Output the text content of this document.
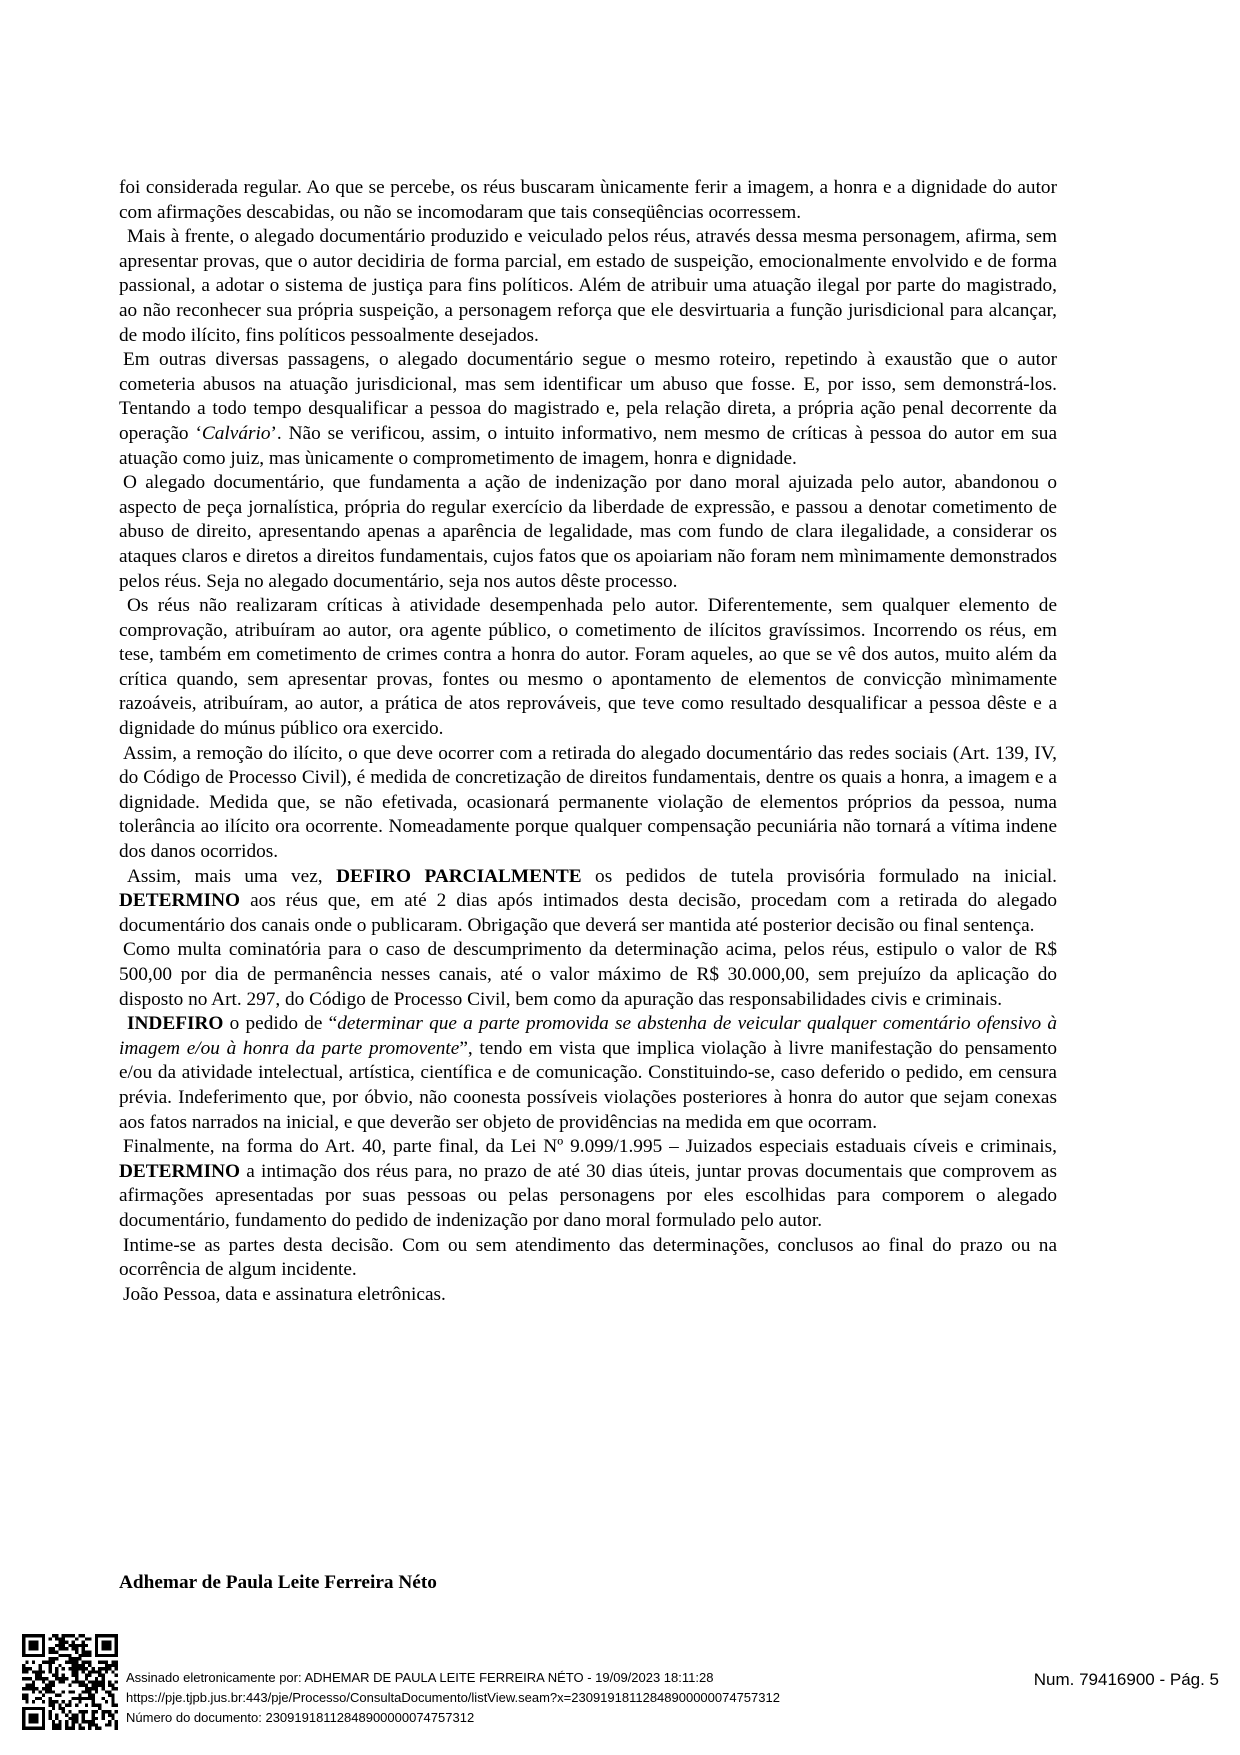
foi considerada regular. Ao que se percebe, os réus buscaram ùnicamente ferir a imagem, a honra e a dignidade do autor com afirmações descabidas, ou não se incomodaram que tais conseqüências ocorressem.

Mais à frente, o alegado documentário produzido e veiculado pelos réus, através dessa mesma personagem, afirma, sem apresentar provas, que o autor decidiria de forma parcial, em estado de suspeição, emocionalmente envolvido e de forma passional, a adotar o sistema de justiça para fins políticos. Além de atribuir uma atuação ilegal por parte do magistrado, ao não reconhecer sua própria suspeição, a personagem reforça que ele desvirtuaria a função jurisdicional para alcançar, de modo ilícito, fins políticos pessoalmente desejados.

Em outras diversas passagens, o alegado documentário segue o mesmo roteiro, repetindo à exaustão que o autor cometeria abusos na atuação jurisdicional, mas sem identificar um abuso que fosse. E, por isso, sem demonstrá-los. Tentando a todo tempo desqualificar a pessoa do magistrado e, pela relação direta, a própria ação penal decorrente da operação ‘Calvário’. Não se verificou, assim, o intuito informativo, nem mesmo de críticas à pessoa do autor em sua atuação como juiz, mas ùnicamente o comprometimento de imagem, honra e dignidade.

O alegado documentário, que fundamenta a ação de indenização por dano moral ajuizada pelo autor, abandonou o aspecto de peça jornalística, própria do regular exercício da liberdade de expressão, e passou a denotar cometimento de abuso de direito, apresentando apenas a aparência de legalidade, mas com fundo de clara ilegalidade, a considerar os ataques claros e diretos a direitos fundamentais, cujos fatos que os apoiariam não foram nem mìnimamente demonstrados pelos réus. Seja no alegado documentário, seja nos autos dêste processo.

Os réus não realizaram críticas à atividade desempenhada pelo autor. Diferentemente, sem qualquer elemento de comprovação, atribuíram ao autor, ora agente público, o cometimento de ilícitos gravíssimos. Incorrendo os réus, em tese, também em cometimento de crimes contra a honra do autor. Foram aqueles, ao que se vê dos autos, muito além da crítica quando, sem apresentar provas, fontes ou mesmo o apontamento de elementos de convicção mìnimamente razoáveis, atribuíram, ao autor, a prática de atos reprováveis, que teve como resultado desqualificar a pessoa dêste e a dignidade do múnus público ora exercido.

Assim, a remoção do ilícito, o que deve ocorrer com a retirada do alegado documentário das redes sociais (Art. 139, IV, do Código de Processo Civil), é medida de concretização de direitos fundamentais, dentre os quais a honra, a imagem e a dignidade. Medida que, se não efetivada, ocasionará permanente violação de elementos próprios da pessoa, numa tolerância ao ilícito ora ocorrente. Nomeadamente porque qualquer compensação pecuniária não tornará a vítima indene dos danos ocorridos.

Assim, mais uma vez, DEFIRO PARCIALMENTE os pedidos de tutela provisória formulado na inicial. DETERMINO aos réus que, em até 2 dias após intimados desta decisão, procedam com a retirada do alegado documentário dos canais onde o publicaram. Obrigação que deverá ser mantida até posterior decisão ou final sentença.

Como multa cominatória para o caso de descumprimento da determinação acima, pelos réus, estipulo o valor de R$ 500,00 por dia de permanência nesses canais, até o valor máximo de R$ 30.000,00, sem prejuízo da aplicação do disposto no Art. 297, do Código de Processo Civil, bem como da apuração das responsabilidades civis e criminais.

INDEFIRO o pedido de “determinar que a parte promovida se abstenha de veicular qualquer comentário ofensivo à imagem e/ou à honra da parte promovente”, tendo em vista que implica violação à livre manifestação do pensamento e/ou da atividade intelectual, artística, científica e de comunicação. Constituindo-se, caso deferido o pedido, em censura prévia. Indeferimento que, por óbvio, não coonesta possíveis violações posteriores à honra do autor que sejam conexas aos fatos narrados na inicial, e que deverão ser objeto de providências na medida em que ocorram.

Finalmente, na forma do Art. 40, parte final, da Lei Nº 9.099/1.995 – Juizados especiais estaduais cíveis e criminais, DETERMINO a intimação dos réus para, no prazo de até 30 dias úteis, juntar provas documentais que comprovem as afirmações apresentadas por suas pessoas ou pelas personagens por eles escolhidas para comporem o alegado documentário, fundamento do pedido de indenização por dano moral formulado pelo autor.

Intime-se as partes desta decisão. Com ou sem atendimento das determinações, conclusos ao final do prazo ou na ocorrência de algum incidente.

João Pessoa, data e assinatura eletrônicas.

Adhemar de Paula Leite Ferreira Néto
Assinado eletronicamente por: ADHEMAR DE PAULA LEITE FERREIRA NÉTO - 19/09/2023 18:11:28
https://pje.tjpb.jus.br:443/pje/Processo/ConsultaDocumento/listView.seam?x=23091918112848900000074757312
Número do documento: 23091918112848900000074757312
Num. 79416900 - Pág. 5
